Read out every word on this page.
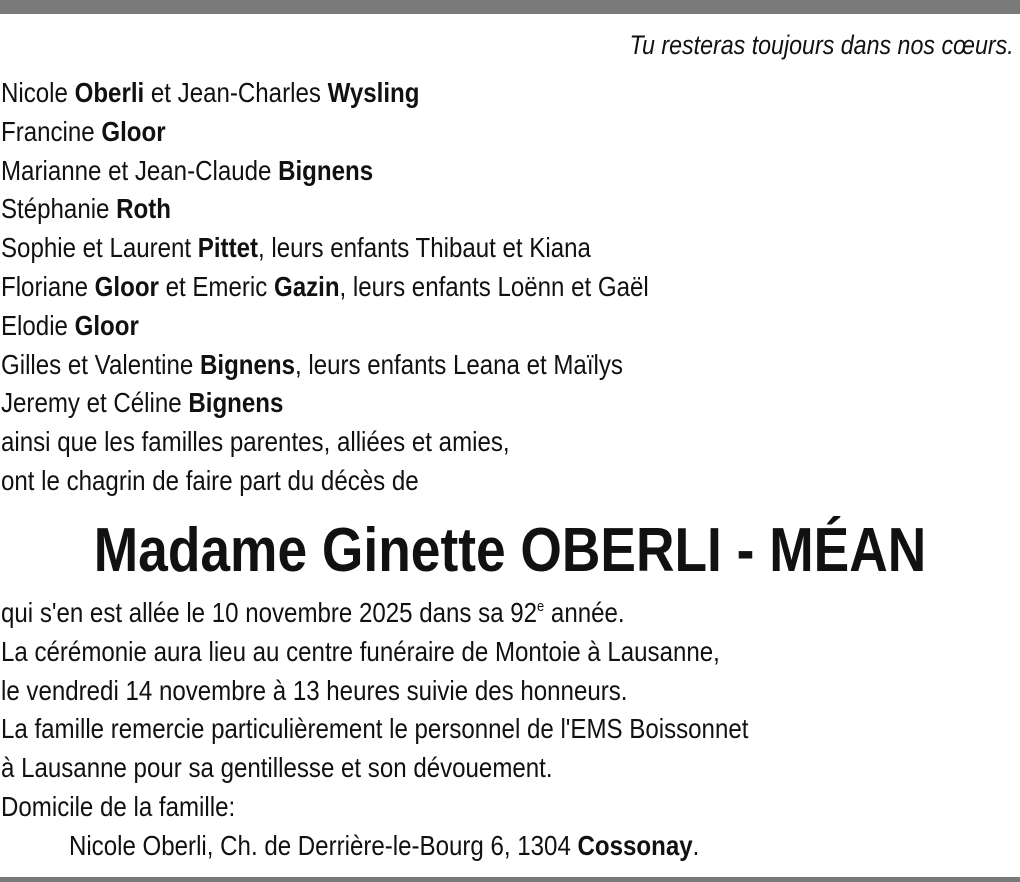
Tu resteras toujours dans nos cœurs.
Nicole Oberli et Jean-Charles Wysling
Francine Gloor
Marianne et Jean-Claude Bignens
Stéphanie Roth
Sophie et Laurent Pittet, leurs enfants Thibaut et Kiana
Floriane Gloor et Emeric Gazin, leurs enfants Loënn et Gaël
Elodie Gloor
Gilles et Valentine Bignens, leurs enfants Leana et Maïlys
Jeremy et Céline Bignens
ainsi que les familles parentes, alliées et amies,
ont le chagrin de faire part du décès de
Madame Ginette OBERLI - MÉAN
qui s'en est allée le 10 novembre 2025 dans sa 92e année.
La cérémonie aura lieu au centre funéraire de Montoie à Lausanne,
le vendredi 14 novembre à 13 heures suivie des honneurs.
La famille remercie particulièrement le personnel de l'EMS Boissonnet
à Lausanne pour sa gentillesse et son dévouement.
Domicile de la famille:
Nicole Oberli, Ch. de Derrière-le-Bourg 6, 1304 Cossonay.
